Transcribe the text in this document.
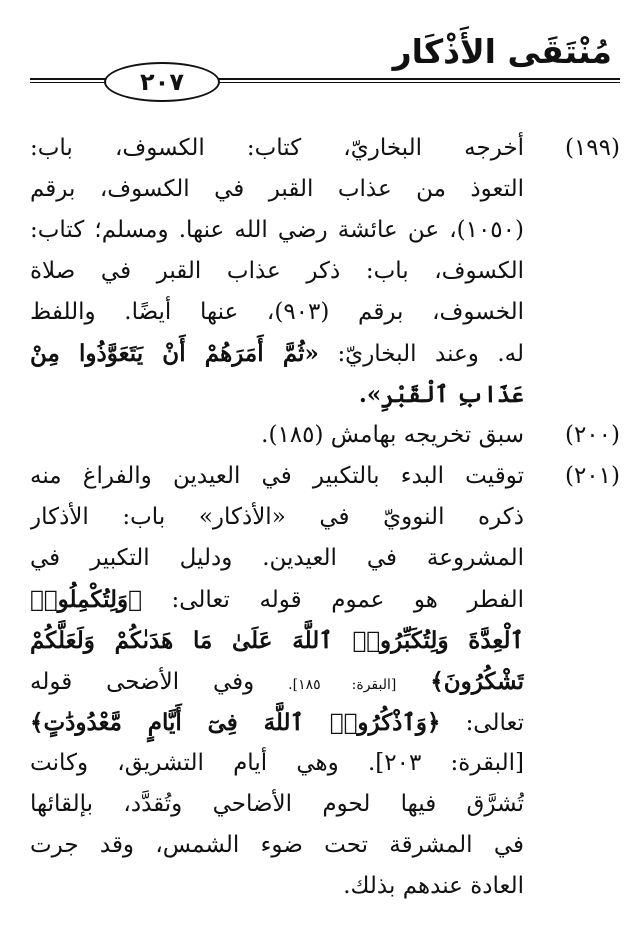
مُنْتَقَى الأَذْكَار
٢٠٧
(١٩٩)
أخرجه البخاريّ، كتاب: الكسوف، باب:
التعوذ من عذاب القبر في الكسوف، برقم
(١٠٥٠)، عن عائشة رضي الله عنها. ومسلم؛ كتاب:
الكسوف، باب: ذكر عذاب القبر في صلاة
الخسوف، برقم (٩٠٣)، عنها أيضًا. واللفظ
له. وعند البخاريّ: «ثُمَّ أَمَرَهُمْ أَنْ يَتَعَوَّذُوا مِنْ
عَذَابِ ٱلْقَبْرِ».
(٢٠٠)
سبق تخريجه بهامش (١٨٥).
(٢٠١)
توقيت البدء بالتكبير في العيدين والفراغ منه
ذكره النوويّ في «الأذكار» باب: الأذكار
المشروعة في العيدين. ودليل التكبير في
الفطر هو عموم قوله تعالى: ﴿وَلِتُكْمِلُوا۟
ٱلْعِدَّةَ وَلِتُكَبِّرُوا۟ ٱللَّهَ عَلَىٰ مَا هَدَىٰكُمْ وَلَعَلَّكُمْ
تَشْكُرُونَ﴾ [البقرة: ١٨٥]. وفي الأضحى قوله
تعالى: ﴿وَٱذْكُرُوا۟ ٱللَّهَ فِىٓ أَيَّامٍ مَّعْدُودَٰتٍ﴾
[البقرة: ٢٠٣]. وهي أيام التشريق، وكانت
تُشرَّق فيها لحوم الأضاحي وتُقدَّد، بإلقائها
في المشرقة تحت ضوء الشمس، وقد جرت
العادة عندهم بذلك.
